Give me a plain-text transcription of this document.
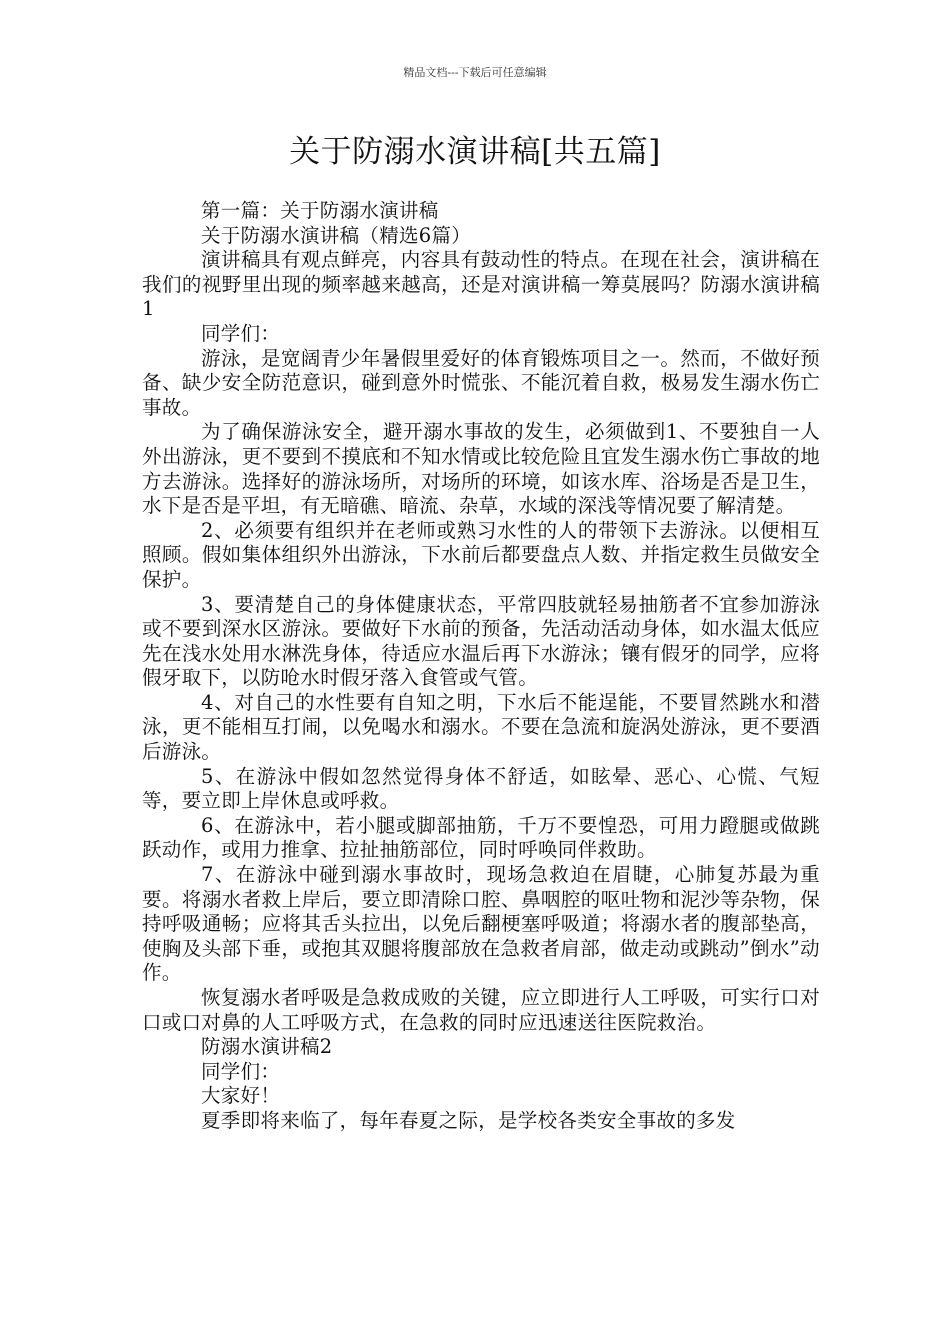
精品文档---下载后可任意编辑
关于防溺水演讲稿[共五篇]

第一篇：关于防溺水演讲稿

关于防溺水演讲稿（精选6篇）

演讲稿具有观点鲜亮，内容具有鼓动性的特点。在现在社会，演讲稿在我们的视野里出现的频率越来越高，还是对演讲稿一筹莫展吗？防溺水演讲稿1

同学们：

游泳，是宽阔青少年暑假里爱好的体育锻炼项目之一。然而，不做好预备、缺少安全防范意识，碰到意外时慌张、不能沉着自救，极易发生溺水伤亡事故。

为了确保游泳安全，避开溺水事故的发生，必须做到1、不要独自一人外出游泳，更不要到不摸底和不知水情或比较危险且宜发生溺水伤亡事故的地方去游泳。选择好的游泳场所，对场所的环境，如该水库、浴场是否是卫生，水下是否是平坦，有无暗礁、暗流、杂草，水域的深浅等情况要了解清楚。

2、必须要有组织并在老师或熟习水性的人的带领下去游泳。以便相互照顾。假如集体组织外出游泳，下水前后都要盘点人数、并指定救生员做安全保护。

3、要清楚自己的身体健康状态，平常四肢就轻易抽筋者不宜参加游泳或不要到深水区游泳。要做好下水前的预备，先活动活动身体，如水温太低应先在浅水处用水淋洗身体，待适应水温后再下水游泳；镶有假牙的同学，应将假牙取下，以防呛水时假牙落入食管或气管。

4、对自己的水性要有自知之明，下水后不能逞能，不要冒然跳水和潜泳，更不能相互打闹，以免喝水和溺水。不要在急流和旋涡处游泳，更不要酒后游泳。

5、在游泳中假如忽然觉得身体不舒适，如眩晕、恶心、心慌、气短等，要立即上岸休息或呼救。

6、在游泳中，若小腿或脚部抽筋，千万不要惶恐，可用力蹬腿或做跳跃动作，或用力推拿、拉扯抽筋部位，同时呼唤同伴救助。

7、在游泳中碰到溺水事故时，现场急救迫在眉睫，心肺复苏最为重要。将溺水者救上岸后，要立即清除口腔、鼻咽腔的呕吐物和泥沙等杂物，保持呼吸通畅；应将其舌头拉出，以免后翻梗塞呼吸道；将溺水者的腹部垫高，使胸及头部下垂，或抱其双腿将腹部放在急救者肩部，做走动或跳动”倒水”动作。

恢复溺水者呼吸是急救成败的关键，应立即进行人工呼吸，可实行口对口或口对鼻的人工呼吸方式，在急救的同时应迅速送往医院救治。

防溺水演讲稿2

同学们：

大家好！

夏季即将来临了，每年春夏之际，是学校各类安全事故的多发
